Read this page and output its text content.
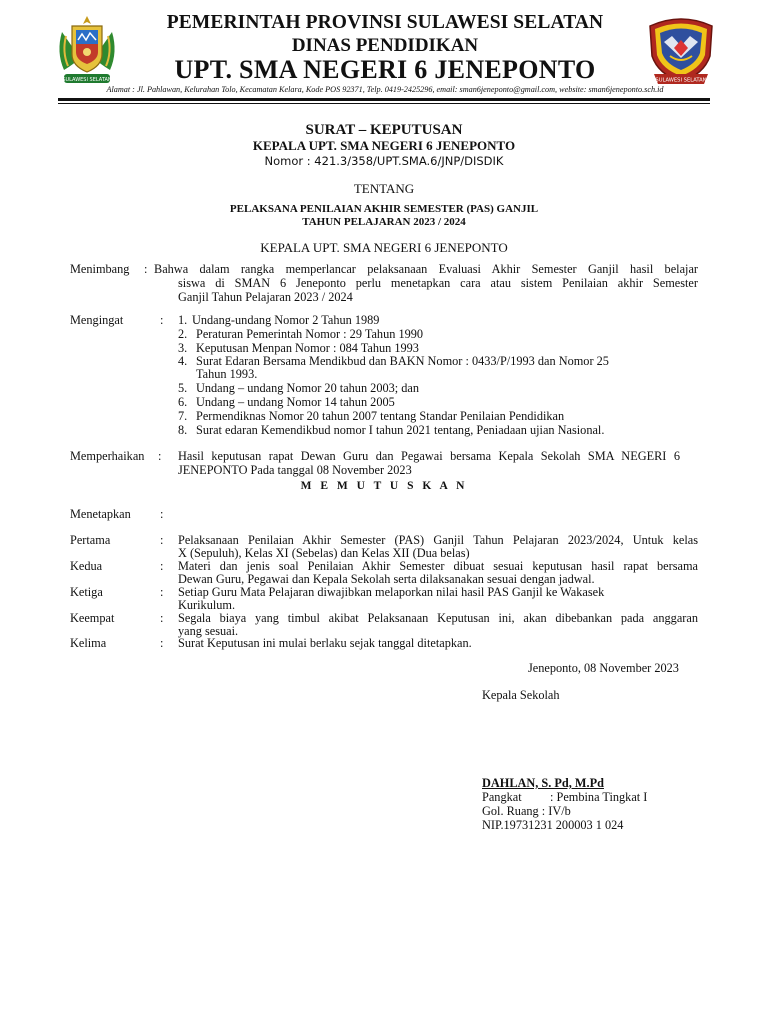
SULAWESI SELATAN	SULAWESI SELATAN
PEMERINTAH PROVINSI SULAWESI SELATAN
DINAS PENDIDIKAN
UPT. SMA NEGERI 6 JENEPONTO
Alamat : Jl. Pahlawan, Kelurahan Tolo, Kecamatan Kelara, Kode POS 92371, Telp. 0419-2425296, email: sman6jeneponto@gmail.com, website: sman6jeneponto.sch.id
SURAT – KEPUTUSAN
KEPALA UPT. SMA NEGERI 6 JENEPONTO
Nomor : 421.3/358/UPT.SMA.6/JNP/DISDIK
TENTANG
PELAKSANA PENILAIAN AKHIR SEMESTER (PAS) GANJIL
TAHUN PELAJARAN 2023 / 2024
KEPALA UPT. SMA NEGERI 6 JENEPONTO
Menimbang : Bahwa dalam rangka memperlancar pelaksanaan Evaluasi Akhir Semester Ganjil hasil belajar
siswa di SMAN 6 Jeneponto perlu menetapkan cara atau sistem Penilaian akhir Semester
Ganjil Tahun Pelajaran 2023 / 2024
Mengingat	: 1. Undang-undang Nomor 2 Tahun 1989
2. Peraturan Pemerintah Nomor : 29 Tahun 1990
3. Keputusan Menpan Nomor : 084 Tahun 1993
4. Surat Edaran Bersama Mendikbud dan BAKN Nomor : 0433/P/1993 dan Nomor 25
Tahun 1993.
5. Undang – undang Nomor 20 tahun 2003; dan
6. Undang – undang Nomor 14 tahun 2005
7. Permendiknas Nomor 20 tahun 2007 tentang Standar Penilaian Pendidikan
8. Surat edaran Kemendikbud nomor I tahun 2021 tentang, Peniadaan ujian Nasional.
Memperhaikan : Hasil keputusan rapat Dewan Guru dan Pegawai bersama Kepala Sekolah SMA NEGERI 6
JENEPONTO Pada tanggal 08 November 2023
M E M U T U S K A N
Menetapkan :
Pertama	: Pelaksanaan Penilaian Akhir Semester (PAS) Ganjil Tahun Pelajaran 2023/2024, Untuk kelas
X (Sepuluh), Kelas XI (Sebelas) dan Kelas XII (Dua belas)
Kedua	: Materi dan jenis soal Penilaian Akhir Semester dibuat sesuai keputusan hasil rapat bersama
Dewan Guru, Pegawai dan Kepala Sekolah serta dilaksanakan sesuai dengan jadwal.
Ketiga	: Setiap Guru Mata Pelajaran diwajibkan melaporkan nilai hasil PAS Ganjil ke Wakasek
Kurikulum.
Keempat	: Segala biaya yang timbul akibat Pelaksanaan Keputusan ini, akan dibebankan pada anggaran
yang sesuai.
Kelima	: Surat Keputusan ini mulai berlaku sejak tanggal ditetapkan.
Jeneponto, 08 November 2023
Kepala Sekolah
DAHLAN, S. Pd, M.Pd
Pangkat : Pembina Tingkat I
Gol. Ruang : IV/b
NIP.19731231 200003 1 024
